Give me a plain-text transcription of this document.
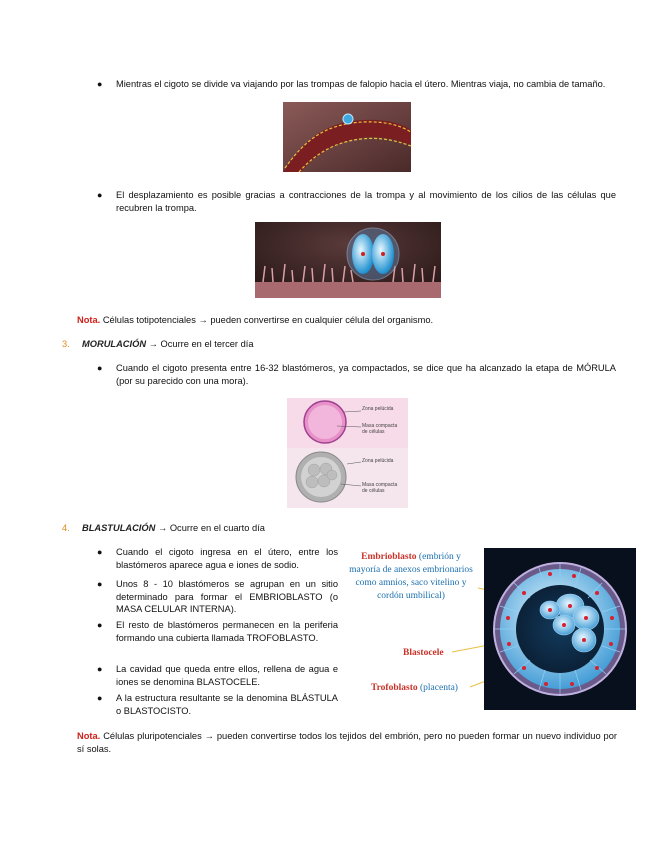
● Mientras el cigoto se divide va viajando por las trompas de falopio hacia el útero. Mientras viaja, no cambia de tamaño.
● El desplazamiento es posible gracias a contracciones de la trompa y al movimiento de los cilios de las células que recubren la trompa.
Nota. Células totipotenciales → pueden convertirse en cualquier célula del organismo.
3. MORULACIÓN → Ocurre en el tercer día
● Cuando el cigoto presenta entre 16-32 blastómeros, ya compactados, se dice que ha alcanzado la etapa de MÓRULA (por su parecido con una mora).
Zona pelúcida
Masa compacta de células
Zona pelúcida
Masa compacta de células
4. BLASTULACIÓN → Ocurre en el cuarto día
● Cuando el cigoto ingresa en el útero, entre los blastómeros aparece agua e iones de sodio.
● Unos 8 - 10 blastómeros se agrupan en un sitio determinado para formar el EMBRIOBLASTO (o MASA CELULAR INTERNA).
● El resto de blastómeros permanecen en la periferia formando una cubierta llamada TROFOBLASTO.
● La cavidad que queda entre ellos, rellena de agua e iones se denomina BLASTOCELE.
● A la estructura resultante se la denomina BLÁSTULA o BLASTOCISTO.
Embrioblasto (embrión y mayoría de anexos embrionarios como amnios, saco vitelino y cordón umbilical)
Blastocele
Trofoblasto (placenta)
Nota. Células pluripotenciales → pueden convertirse todos los tejidos del embrión, pero no pueden formar un nuevo individuo por sí solas.
